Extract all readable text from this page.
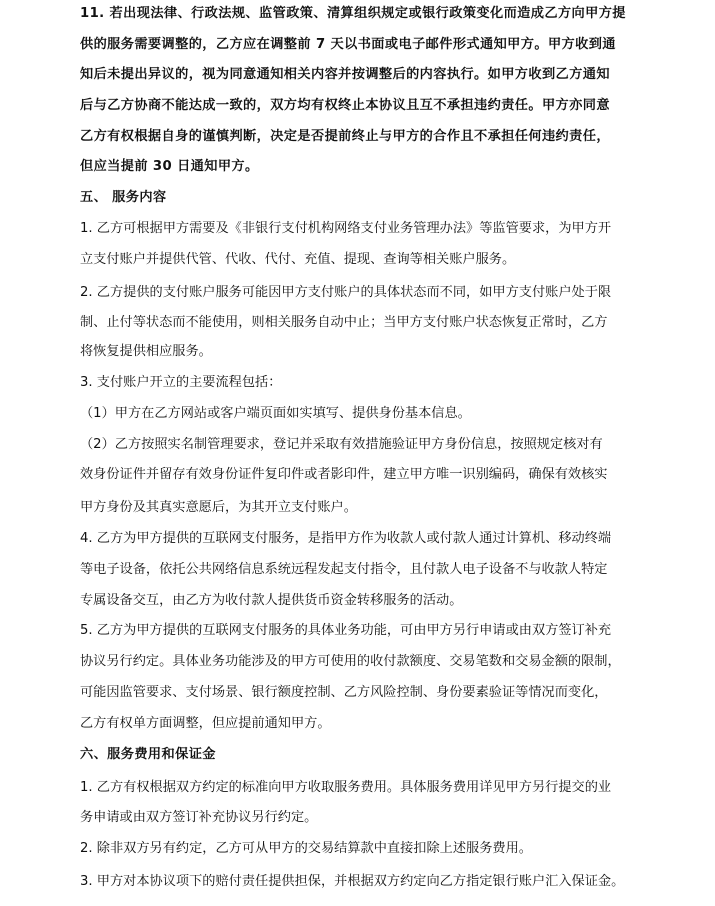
11. 若出现法律、行政法规、监管政策、清算组织规定或银行政策变化而造成乙方向甲方提
供的服务需要调整的，乙方应在调整前 7 天以书面或电子邮件形式通知甲方。甲方收到通
知后未提出异议的，视为同意通知相关内容并按调整后的内容执行。如甲方收到乙方通知
后与乙方协商不能达成一致的，双方均有权终止本协议且互不承担违约责任。甲方亦同意
乙方有权根据自身的谨慎判断，决定是否提前终止与甲方的合作且不承担任何违约责任，
但应当提前 30 日通知甲方。
五、 服务内容
1. 乙方可根据甲方需要及《非银行支付机构网络支付业务管理办法》等监管要求，为甲方开
立支付账户并提供代管、代收、代付、充值、提现、查询等相关账户服务。
2. 乙方提供的支付账户服务可能因甲方支付账户的具体状态而不同，如甲方支付账户处于限
制、止付等状态而不能使用，则相关服务自动中止；当甲方支付账户状态恢复正常时，乙方
将恢复提供相应服务。
3. 支付账户开立的主要流程包括：
（1）甲方在乙方网站或客户端页面如实填写、提供身份基本信息。
（2）乙方按照实名制管理要求，登记并采取有效措施验证甲方身份信息，按照规定核对有
效身份证件并留存有效身份证件复印件或者影印件，建立甲方唯一识别编码，确保有效核实
甲方身份及其真实意愿后，为其开立支付账户。
4. 乙方为甲方提供的互联网支付服务，是指甲方作为收款人或付款人通过计算机、移动终端
等电子设备，依托公共网络信息系统远程发起支付指令，且付款人电子设备不与收款人特定
专属设备交互，由乙方为收付款人提供货币资金转移服务的活动。
5. 乙方为甲方提供的互联网支付服务的具体业务功能，可由甲方另行申请或由双方签订补充
协议另行约定。具体业务功能涉及的甲方可使用的收付款额度、交易笔数和交易金额的限制，
可能因监管要求、支付场景、银行额度控制、乙方风险控制、身份要素验证等情况而变化，
乙方有权单方面调整，但应提前通知甲方。
六、服务费用和保证金
1. 乙方有权根据双方约定的标准向甲方收取服务费用。具体服务费用详见甲方另行提交的业
务申请或由双方签订补充协议另行约定。
2. 除非双方另有约定，乙方可从甲方的交易结算款中直接扣除上述服务费用。
3. 甲方对本协议项下的赔付责任提供担保，并根据双方约定向乙方指定银行账户汇入保证金。
